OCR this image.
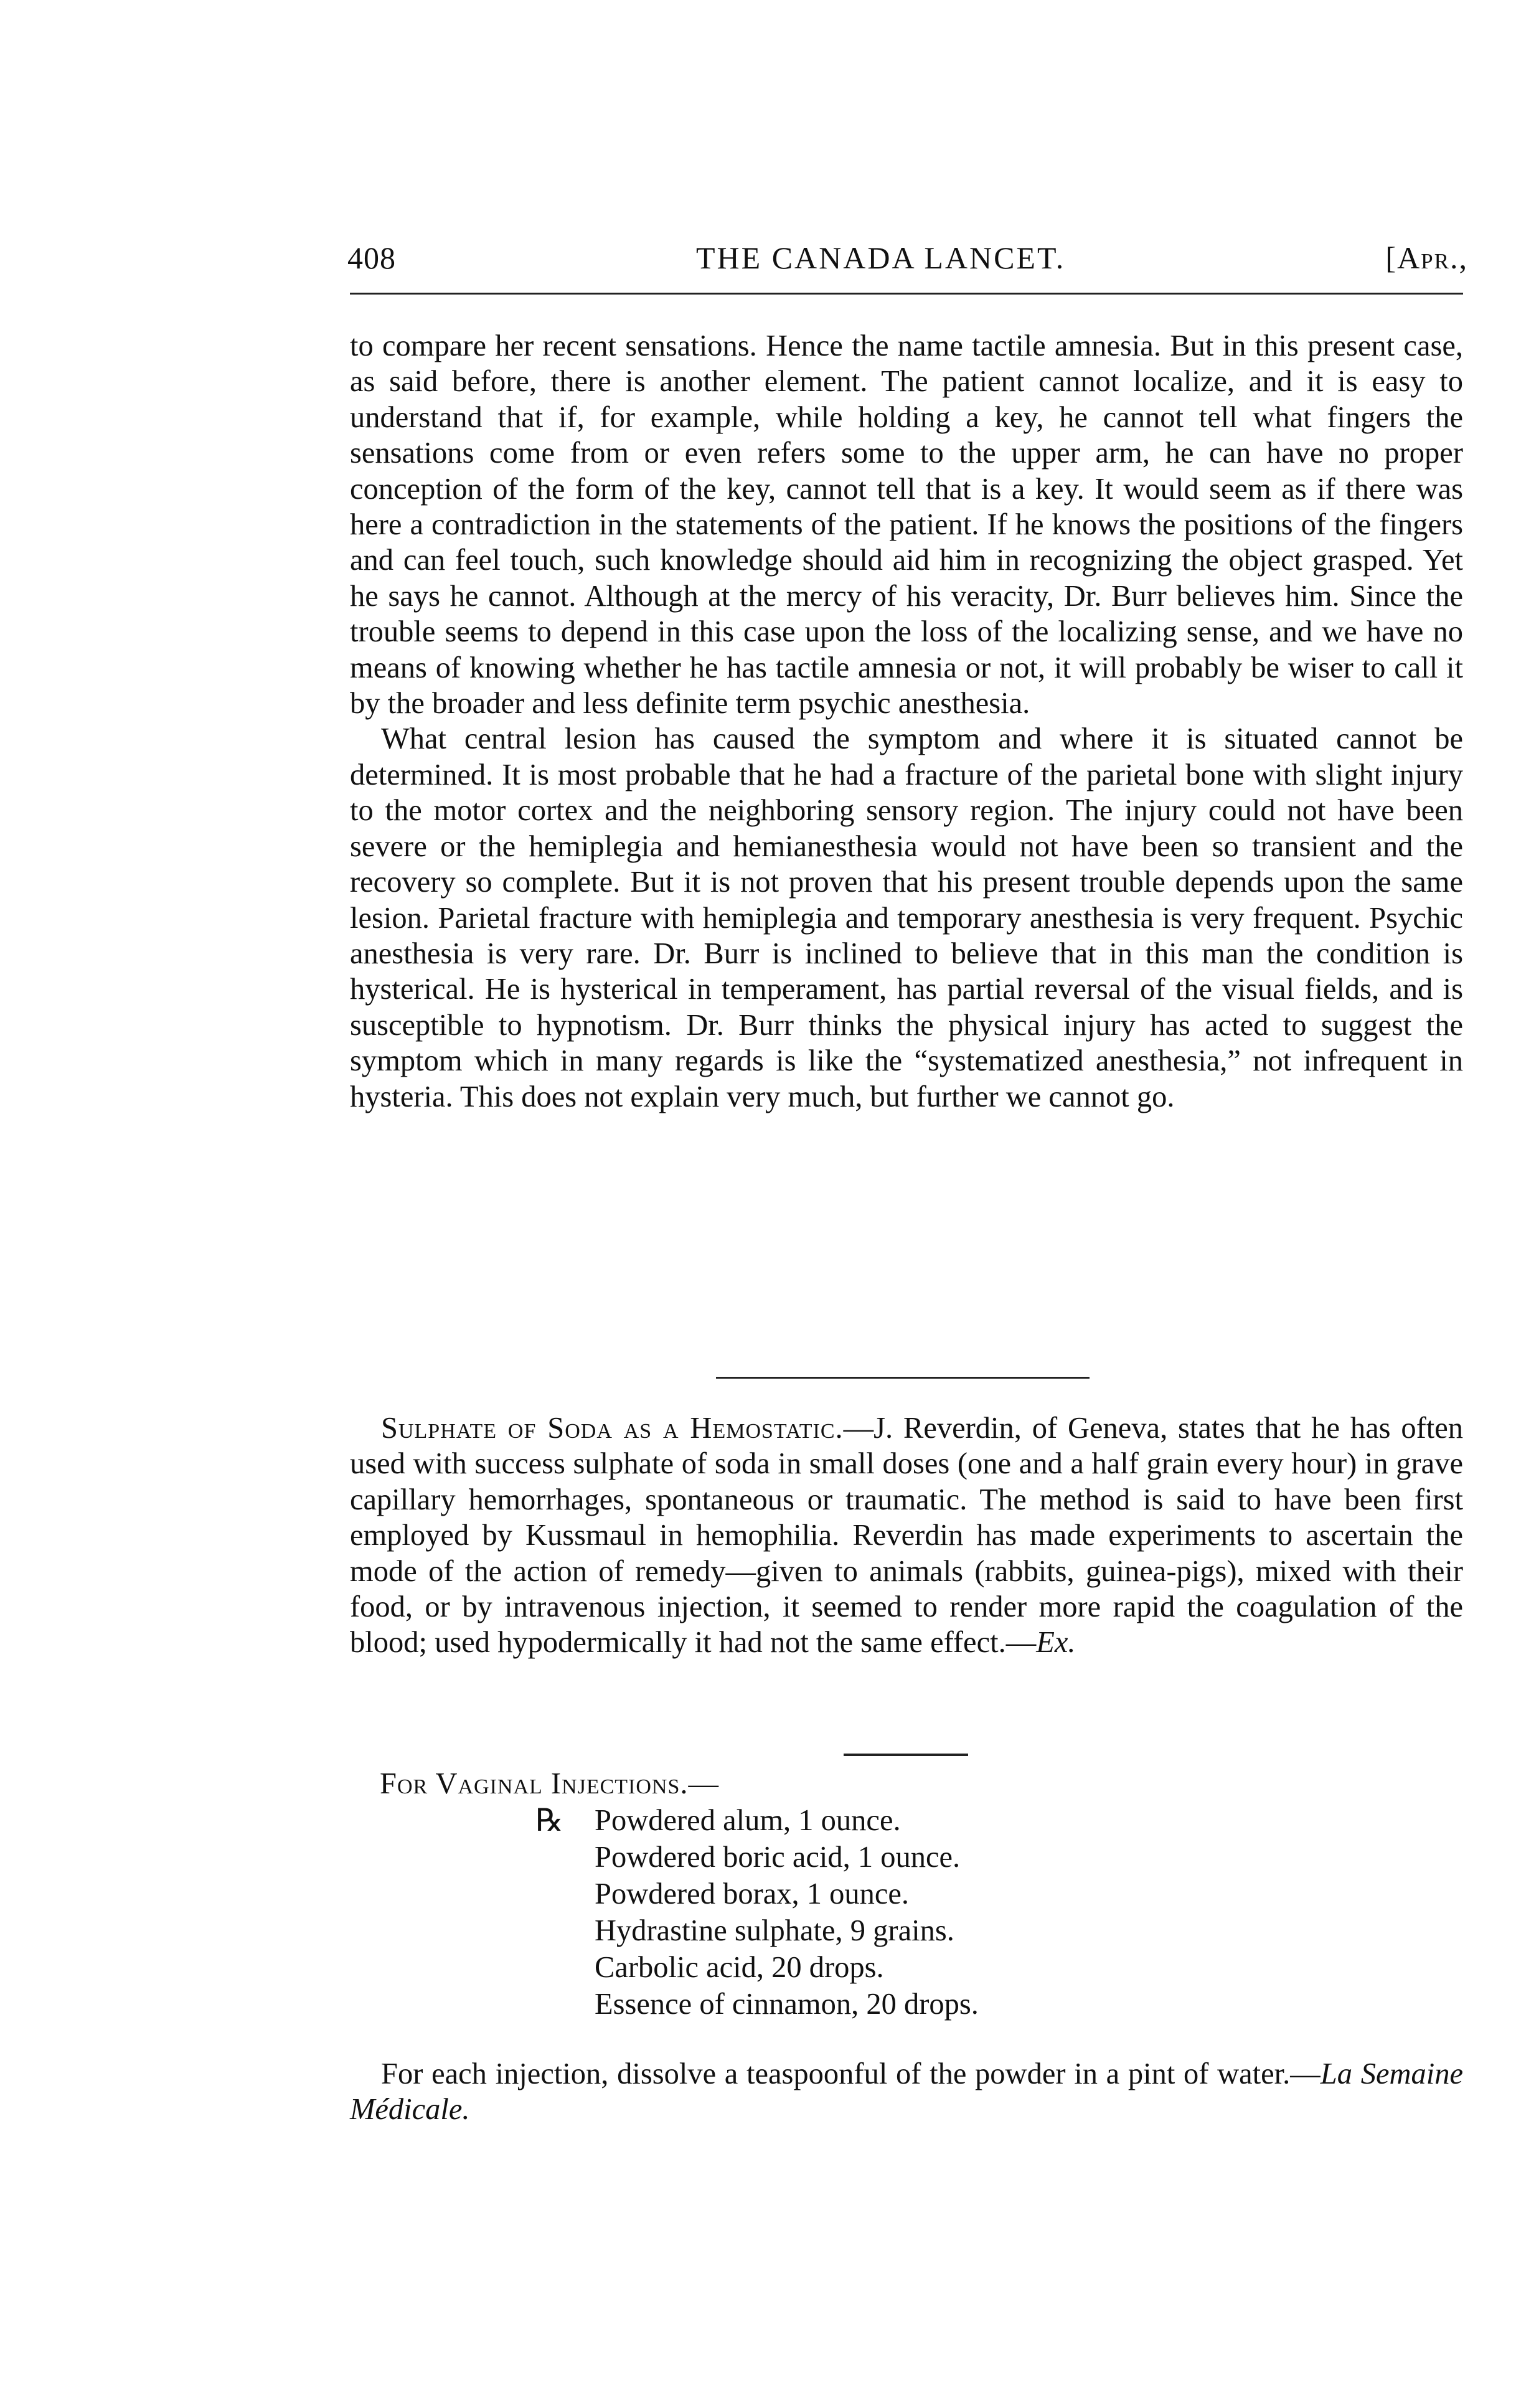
408	THE CANADA LANCET.	[Apr.,

to compare her recent sensations. Hence the name tactile amnesia. But in this present case, as said before, there is another element. The patient cannot localize, and it is easy to understand that if, for example, while holding a key, he cannot tell what fingers the sensations come from or even refers some to the upper arm, he can have no proper conception of the form of the key, cannot tell that is a key. It would seem as if there was here a contradiction in the statements of the patient. If he knows the positions of the fingers and can feel touch, such knowledge should aid him in recognizing the object grasped. Yet he says he cannot. Although at the mercy of his veracity, Dr. Burr believes him. Since the trouble seems to depend in this case upon the loss of the localizing sense, and we have no means of knowing whether he has tactile amnesia or not, it will probably be wiser to call it by the broader and less definite term psychic anesthesia.

What central lesion has caused the symptom and where it is situated cannot be determined. It is most probable that he had a fracture of the parietal bone with slight injury to the motor cortex and the neighboring sensory region. The injury could not have been severe or the hemiplegia and hemianesthesia would not have been so transient and the recovery so complete. But it is not proven that his present trouble depends upon the same lesion. Parietal fracture with hemiplegia and temporary anesthesia is very frequent. Psychic anesthesia is very rare. Dr. Burr is inclined to believe that in this man the condition is hysterical. He is hysterical in temperament, has partial reversal of the visual fields, and is susceptible to hypnotism. Dr. Burr thinks the physical injury has acted to suggest the symptom which in many regards is like the “systematized anesthesia,” not infrequent in hysteria. This does not explain very much, but further we cannot go.

Sulphate of Soda as a Hemostatic.—J. Reverdin, of Geneva, states that he has often used with success sulphate of soda in small doses (one and a half grain every hour) in grave capillary hemorrhages, spontaneous or traumatic. The method is said to have been first employed by Kussmaul in hemophilia. Reverdin has made experiments to ascertain the mode of the action of remedy—given to animals (rabbits, guinea-pigs), mixed with their food, or by intravenous injection, it seemed to render more rapid the coagulation of the blood; used hypodermically it had not the same effect.—Ex.

For Vaginal Injections.—
℞ Powdered alum, 1 ounce.
Powdered boric acid, 1 ounce.
Powdered borax, 1 ounce.
Hydrastine sulphate, 9 grains.
Carbolic acid, 20 drops.
Essence of cinnamon, 20 drops.

For each injection, dissolve a teaspoonful of the powder in a pint of water.—La Semaine Médicale.
